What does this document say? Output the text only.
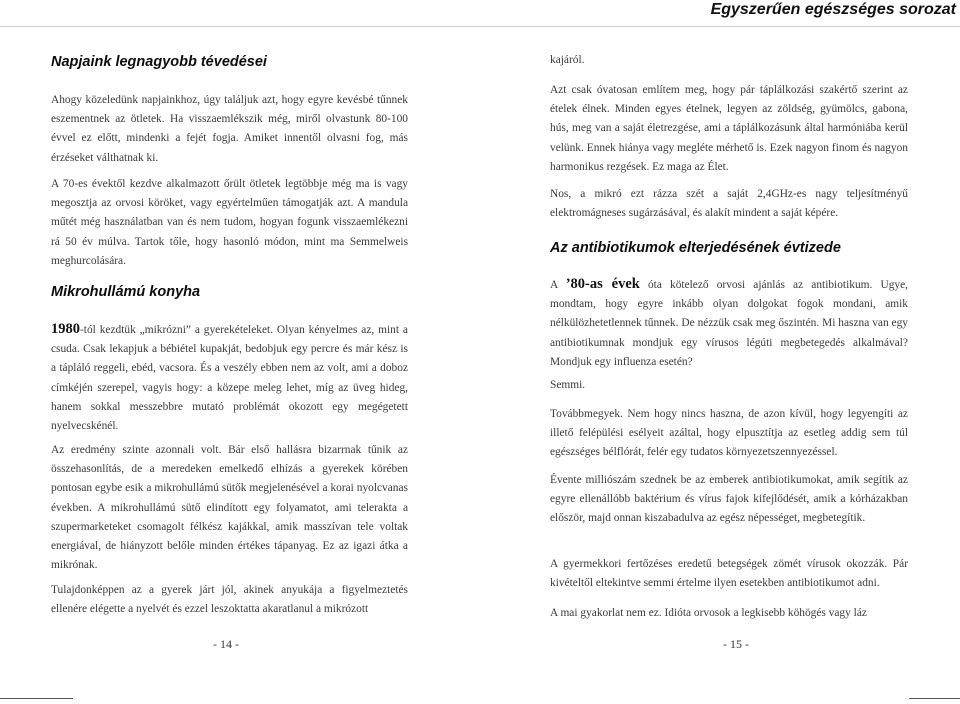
Egyszerűen egészséges sorozat
Napjaink legnagyobb tévedései

Ahogy közeledünk napjainkhoz, úgy találjuk azt, hogy egyre kevésbé tűnnek eszementnek az ötletek. Ha visszaemlékszik még, miről olvastunk 80-100 évvel ez előtt, mindenki a fejét fogja. Amiket innentől olvasni fog, más érzéseket válthatnak ki.

A 70-es évektől kezdve alkalmazott őrült ötletek legtöbbje még ma is vagy megosztja az orvosi köröket, vagy egyértelműen támogatják azt. A mandula műtét még használatban van és nem tudom, hogyan fogunk visszaemlékezni rá 50 év múlva. Tartok tőle, hogy hasonló módon, mint ma Semmelweis meghurcolására.

Mikrohullámú konyha

1980-tól kezdtük „mikrózni” a gyerekételeket. Olyan kényelmes az, mint a csuda. Csak lekapjuk a bébiétel kupakját, bedobjuk egy percre és már kész is a tápláló reggeli, ebéd, vacsora. És a veszély ebben nem az volt, ami a doboz címkéjén szerepel, vagyis hogy: a közepe meleg lehet, míg az üveg hideg, hanem sokkal messzebbre mutató problémát okozott egy megégetett nyelvecskénél.

Az eredmény szinte azonnali volt. Bár első hallásra bizarrnak tűnik az összehasonlítás, de a meredeken emelkedő elhízás a gyerekek körében pontosan egybe esik a mikrohullámú sütők megjelenésével a korai nyolcvanas években. A mikrohullámú sütő elindított egy folyamatot, ami telerakta a szupermarketeket csomagolt félkész kajákkal, amik masszívan tele voltak energiával, de hiányzott belőle minden értékes tápanyag. Ez az igazi átka a mikrónak.

Tulajdonképpen az a gyerek járt jól, akinek anyukája a figyelmeztetés ellenére elégette a nyelvét és ezzel leszoktatta akaratlanul a mikrózott

- 14 -

kajáról.

Azt csak óvatosan említem meg, hogy pár táplálkozási szakértő szerint az ételek élnek. Minden egyes ételnek, legyen az zöldség, gyümölcs, gabona, hús, meg van a saját életrezgése, ami a táplálkozásunk által harmóniába kerül velünk. Ennek hiánya vagy megléte mérhető is. Ezek nagyon finom és nagyon harmonikus rezgések. Ez maga az Élet.

Nos, a mikró ezt rázza szét a saját 2,4GHz-es nagy teljesítményű elektromágneses sugárzásával, és alakít mindent a saját képére.

Az antibiotikumok elterjedésének évtizede

A ’80-as évek óta kötelező orvosi ajánlás az antibiotikum. Ugye, mondtam, hogy egyre inkább olyan dolgokat fogok mondani, amik nélkülözhetetlennek tűnnek. De nézzük csak meg őszintén. Mi haszna van egy antibiotikumnak mondjuk egy vírusos légúti megbetegedés alkalmával? Mondjuk egy influenza esetén?

Semmi.

Továbbmegyek. Nem hogy nincs haszna, de azon kívül, hogy legyengíti az illető felépülési esélyeit azáltal, hogy elpusztítja az esetleg addig sem túl egészséges bélflórát, felér egy tudatos környezetszennyezéssel.

Évente milliószám szednek be az emberek antibiotikumokat, amik segítik az egyre ellenállóbb baktérium és vírus fajok kifejlődését, amik a kórházakban először, majd onnan kiszabadulva az egész népességet, megbetegítik.

A gyermekkori fertőzéses eredetű betegségek zömét vírusok okozzák. Pár kivételtől eltekintve semmi értelme ilyen esetekben antibiotikumot adni.

A mai gyakorlat nem ez. Idióta orvosok a legkisebb köhögés vagy láz

- 15 -
